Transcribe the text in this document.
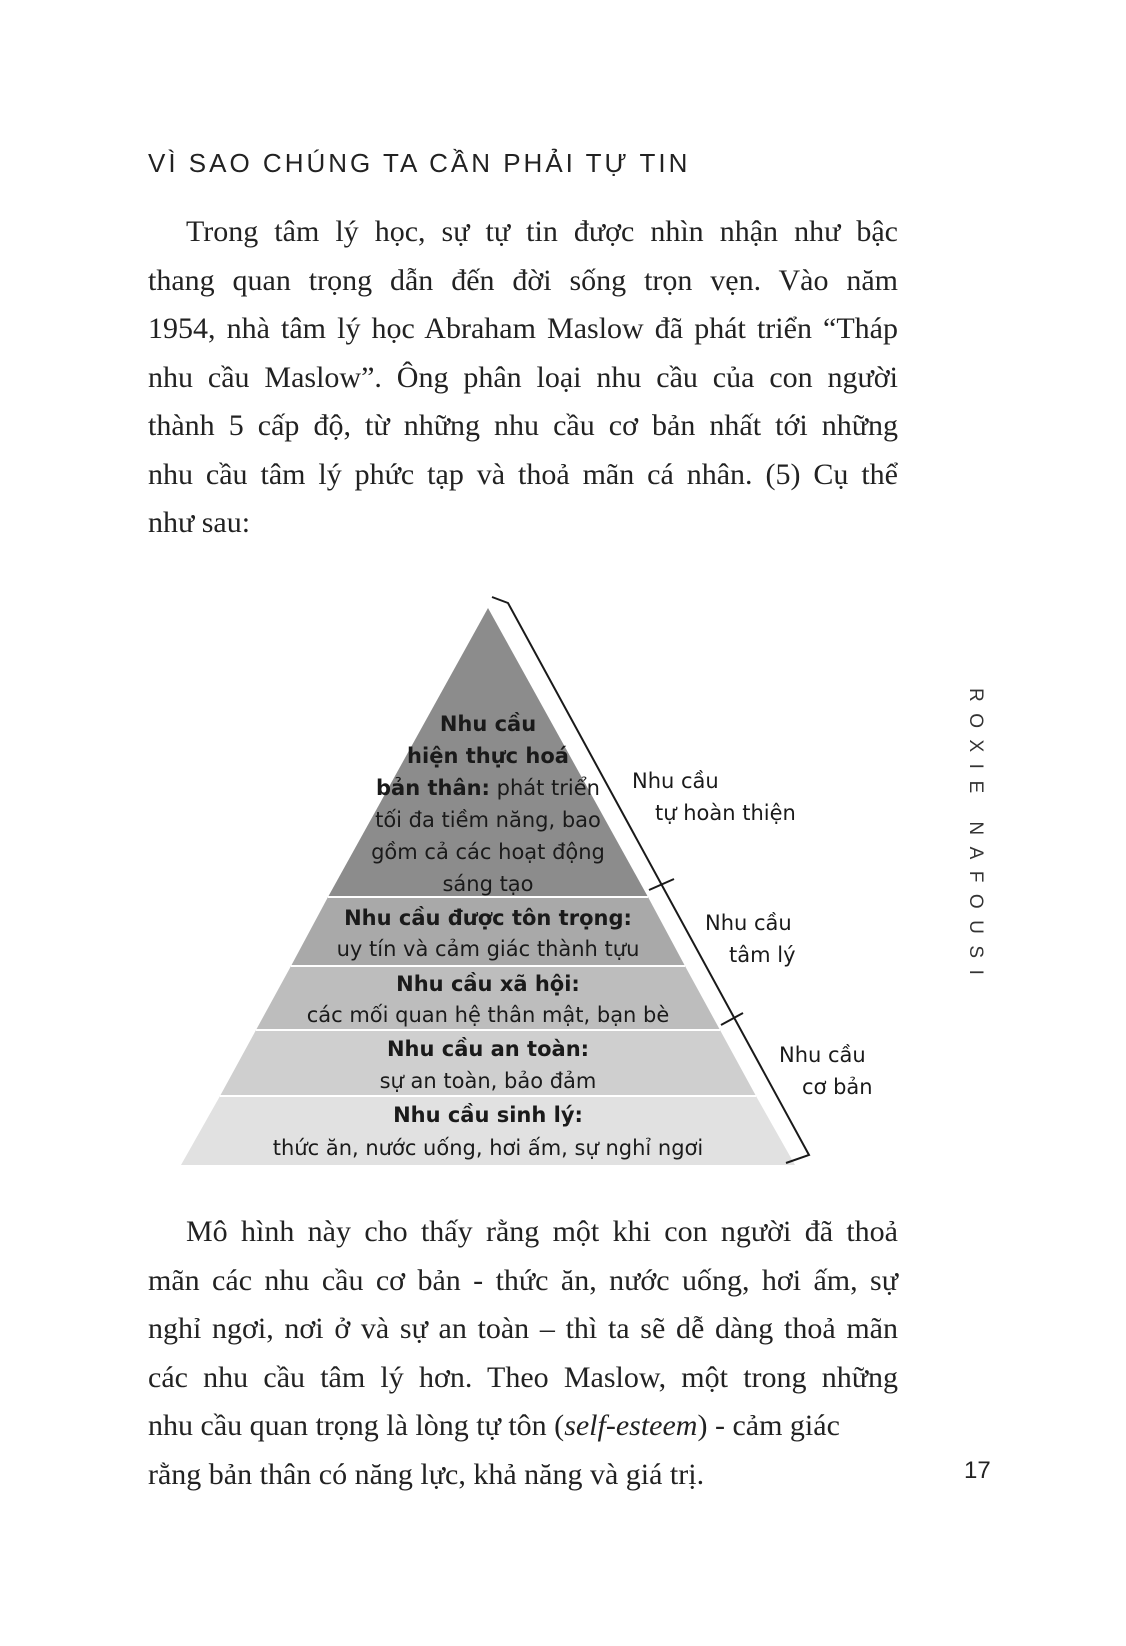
VÌ SAO CHÚNG TA CẦN PHẢI TỰ TIN
Trong tâm lý học, sự tự tin được nhìn nhận như bậc
thang quan trọng dẫn đến đời sống trọn vẹn. Vào năm
1954, nhà tâm lý học Abraham Maslow đã phát triển “Tháp
nhu cầu Maslow”. Ông phân loại nhu cầu của con người
thành 5 cấp độ, từ những nhu cầu cơ bản nhất tới những
nhu cầu tâm lý phức tạp và thoả mãn cá nhân. (5) Cụ thể
như sau:
Nhu cầu
hiện thực hoá
bản thân: phát triển
tối đa tiềm năng, bao
gồm cả các hoạt động
sáng tạo
Nhu cầu được tôn trọng:
uy tín và cảm giác thành tựu
Nhu cầu xã hội:
các mối quan hệ thân mật, bạn bè
Nhu cầu an toàn:
sự an toàn, bảo đảm
Nhu cầu sinh lý:
thức ăn, nước uống, hơi ấm, sự nghỉ ngơi
Nhu cầu
tự hoàn thiện
Nhu cầu
tâm lý
Nhu cầu
cơ bản
Mô hình này cho thấy rằng một khi con người đã thoả
mãn các nhu cầu cơ bản - thức ăn, nước uống, hơi ấm, sự
nghỉ ngơi, nơi ở và sự an toàn – thì ta sẽ dễ dàng thoả mãn
các nhu cầu tâm lý hơn. Theo Maslow, một trong những
nhu cầu quan trọng là lòng tự tôn (self-esteem) - cảm giác
rằng bản thân có năng lực, khả năng và giá trị.
ROXIE NAFOUSI
17
